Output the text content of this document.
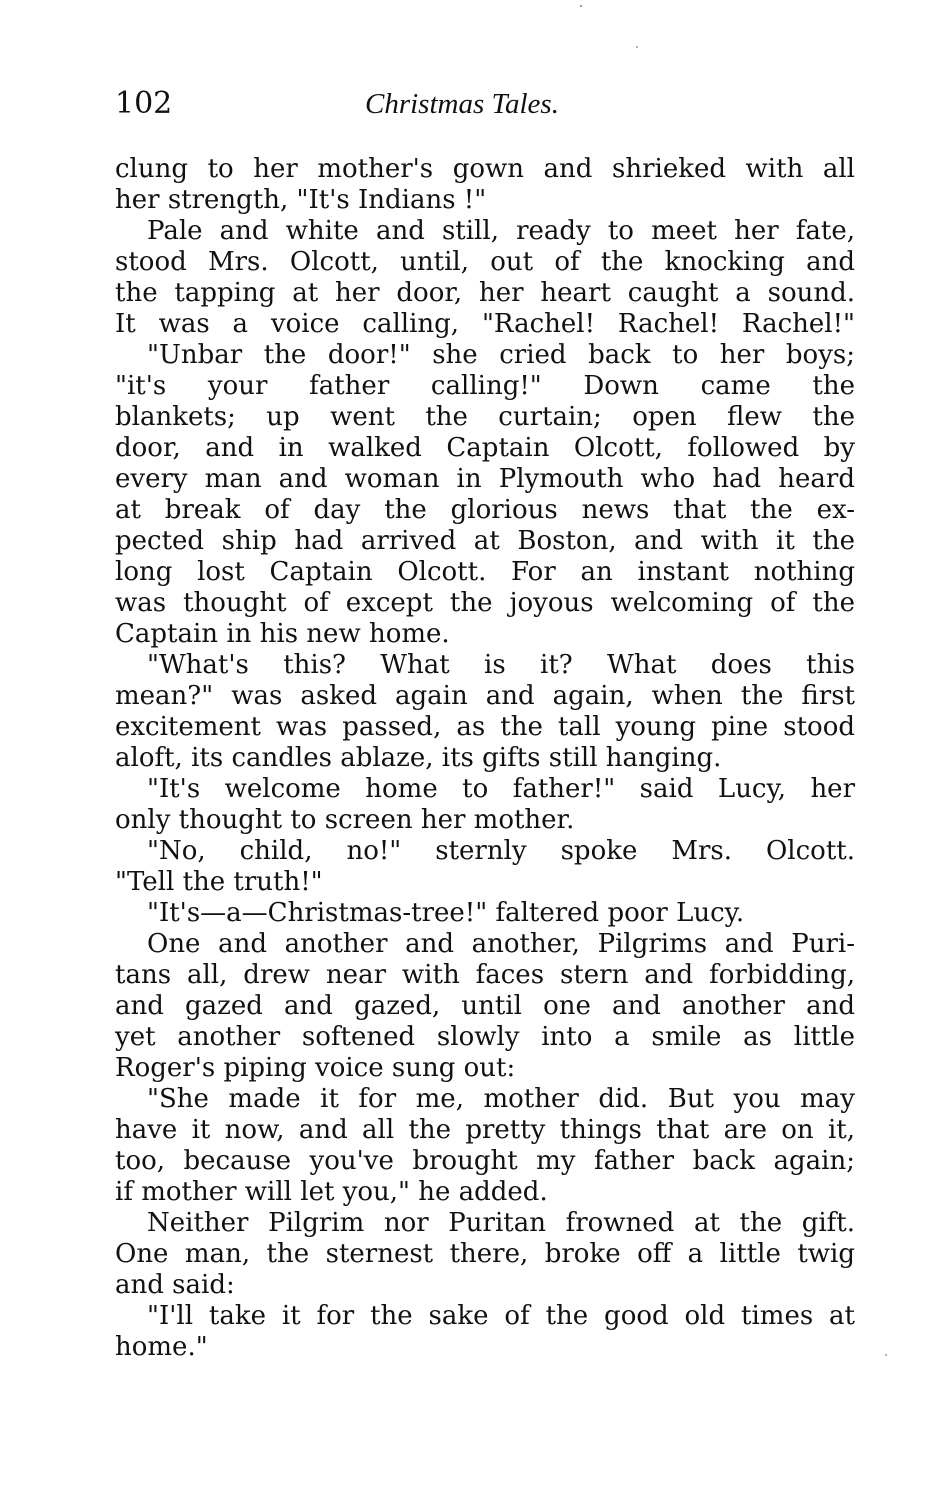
102	Christmas Tales.
clung to her mother's gown and shrieked with all
her strength, "It's Indians !"
Pale and white and still, ready to meet her fate,
stood Mrs. Olcott, until, out of the knocking and
the tapping at her door, her heart caught a sound.
It was a voice calling, "Rachel! Rachel! Rachel!"
"Unbar the door!" she cried back to her boys;
"it's your father calling!" Down came the
blankets; up went the curtain; open flew the
door, and in walked Captain Olcott, followed by
every man and woman in Plymouth who had heard
at break of day the glorious news that the ex-
pected ship had arrived at Boston, and with it the
long lost Captain Olcott. For an instant nothing
was thought of except the joyous welcoming of the
Captain in his new home.
"What's this? What is it? What does this
mean?" was asked again and again, when the first
excitement was passed, as the tall young pine stood
aloft, its candles ablaze, its gifts still hanging.
"It's welcome home to father!" said Lucy, her
only thought to screen her mother.
"No, child, no!" sternly spoke Mrs. Olcott.
"Tell the truth!"
"It's—a—Christmas-tree!" faltered poor Lucy.
One and another and another, Pilgrims and Puri-
tans all, drew near with faces stern and forbidding,
and gazed and gazed, until one and another and
yet another softened slowly into a smile as little
Roger's piping voice sung out:
"She made it for me, mother did. But you may
have it now, and all the pretty things that are on it,
too, because you've brought my father back again;
if mother will let you," he added.
Neither Pilgrim nor Puritan frowned at the gift.
One man, the sternest there, broke off a little twig
and said:
"I'll take it for the sake of the good old times at
home."
